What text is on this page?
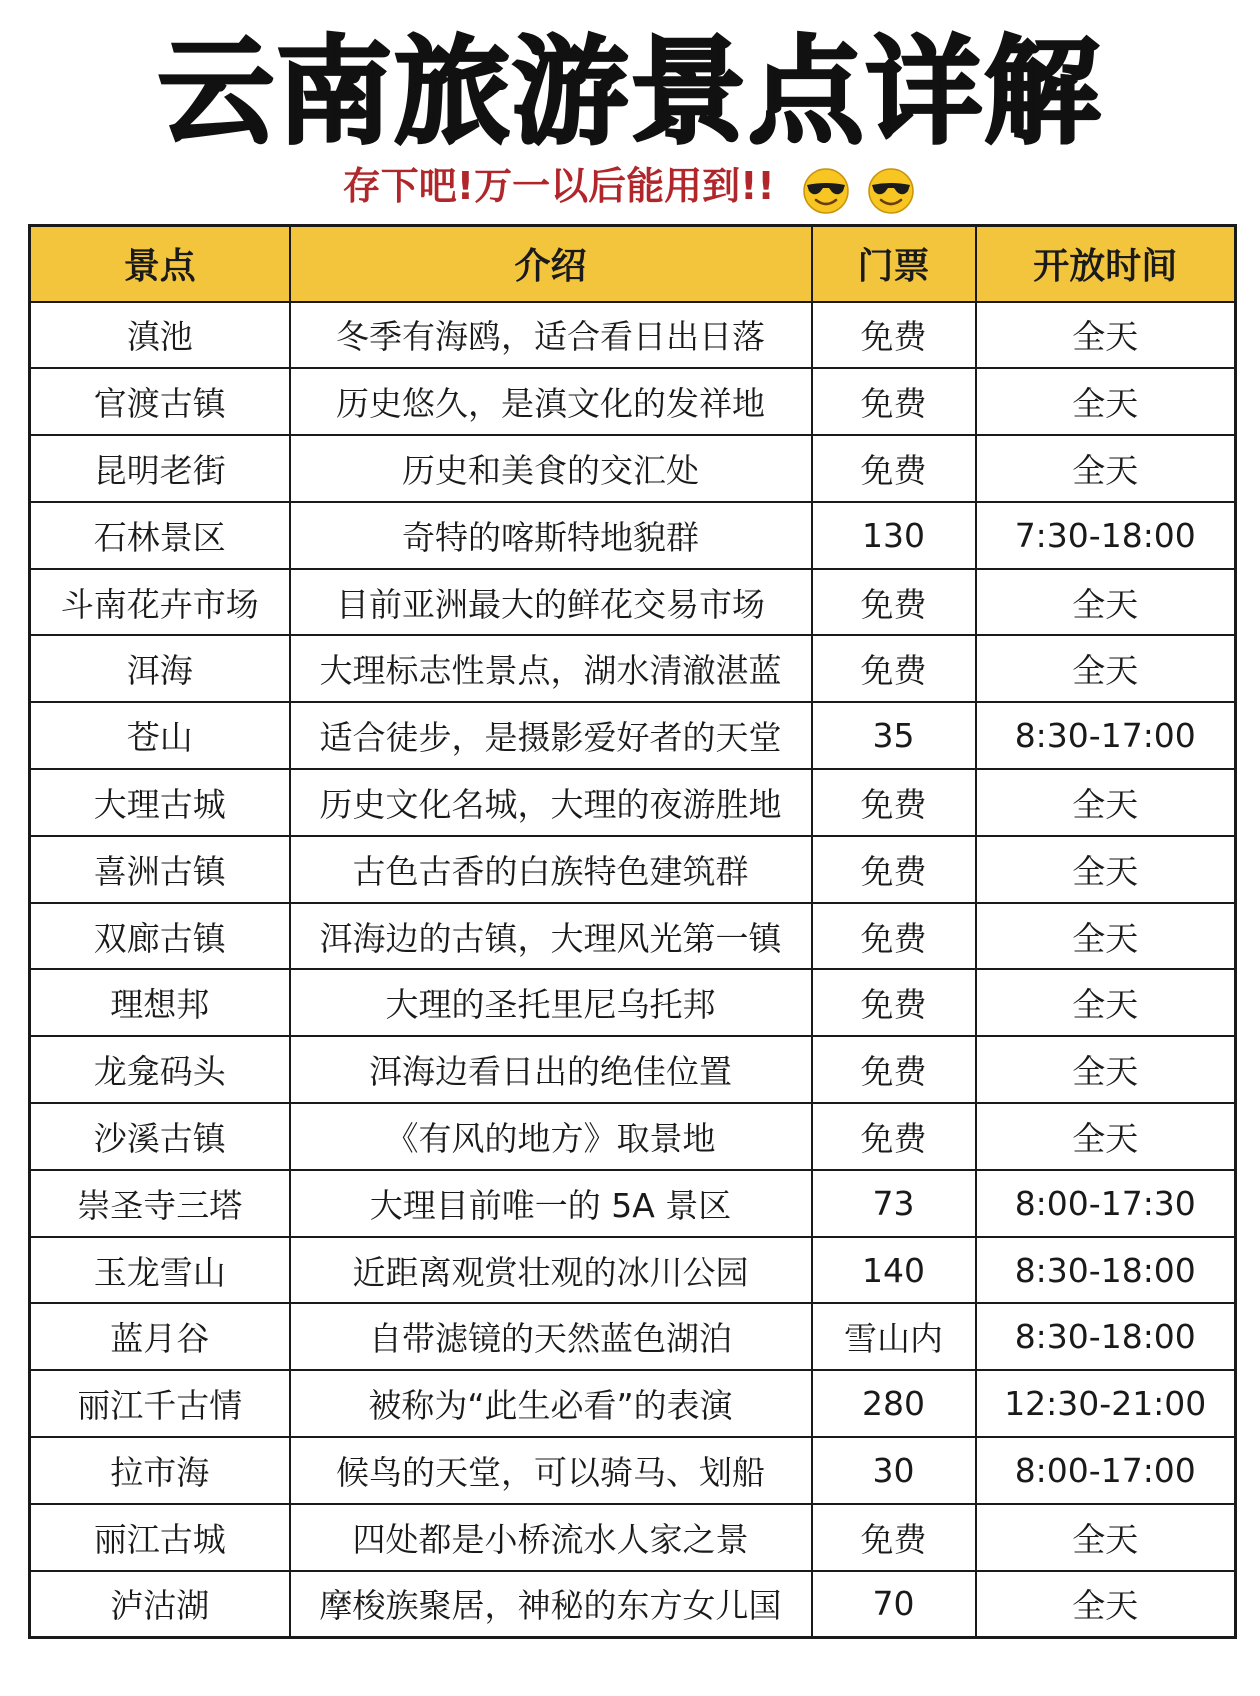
云南旅游景点详解
存下吧!万一以后能用到!!
景点	介绍	门票	开放时间
滇池	冬季有海鸥，适合看日出日落	免费	全天
官渡古镇	历史悠久，是滇文化的发祥地	免费	全天
昆明老街	历史和美食的交汇处	免费	全天
石林景区	奇特的喀斯特地貌群	130	7:30-18:00
斗南花卉市场	目前亚洲最大的鲜花交易市场	免费	全天
洱海	大理标志性景点，湖水清澈湛蓝	免费	全天
苍山	适合徒步，是摄影爱好者的天堂	35	8:30-17:00
大理古城	历史文化名城，大理的夜游胜地	免费	全天
喜洲古镇	古色古香的白族特色建筑群	免费	全天
双廊古镇	洱海边的古镇，大理风光第一镇	免费	全天
理想邦	大理的圣托里尼乌托邦	免费	全天
龙龛码头	洱海边看日出的绝佳位置	免费	全天
沙溪古镇	《有风的地方》取景地	免费	全天
崇圣寺三塔	大理目前唯一的 5A 景区	73	8:00-17:30
玉龙雪山	近距离观赏壮观的冰川公园	140	8:30-18:00
蓝月谷	自带滤镜的天然蓝色湖泊	雪山内	8:30-18:00
丽江千古情	被称为“此生必看”的表演	280	12:30-21:00
拉市海	候鸟的天堂，可以骑马、划船	30	8:00-17:00
丽江古城	四处都是小桥流水人家之景	免费	全天
泸沽湖	摩梭族聚居，神秘的东方女儿国	70	全天
